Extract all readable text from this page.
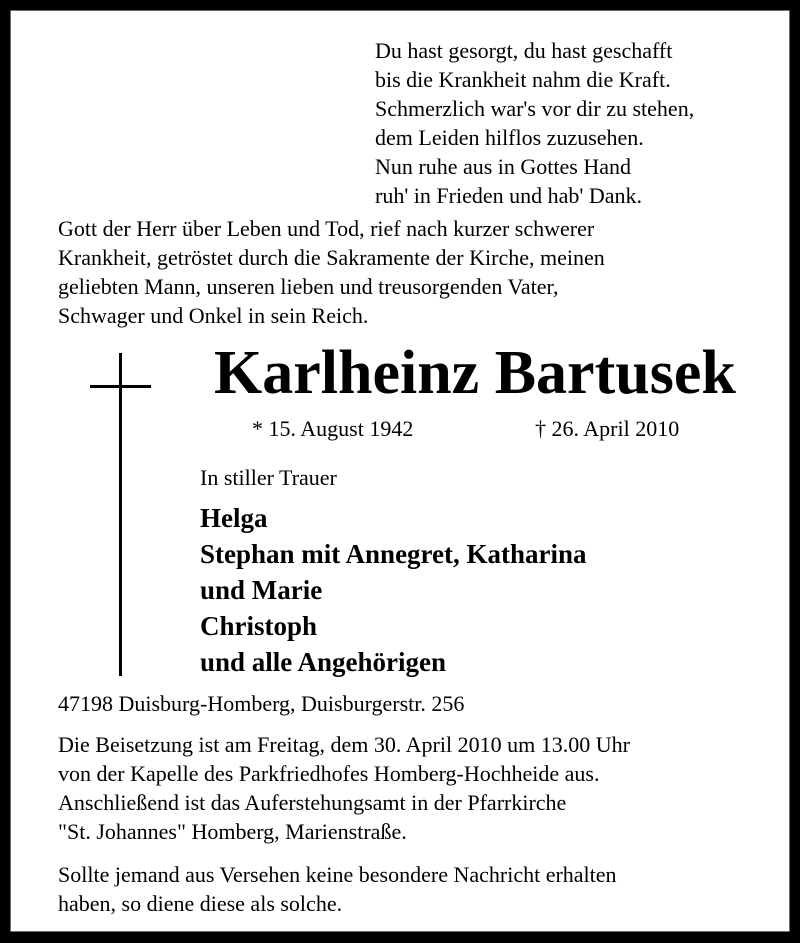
Du hast gesorgt, du hast geschafft
bis die Krankheit nahm die Kraft.
Schmerzlich war's vor dir zu stehen,
dem Leiden hilflos zuzusehen.
Nun ruhe aus in Gottes Hand
ruh' in Frieden und hab' Dank.
Gott der Herr über Leben und Tod, rief nach kurzer schwerer
Krankheit, getröstet durch die Sakramente der Kirche, meinen
geliebten Mann, unseren lieben und treusorgenden Vater,
Schwager und Onkel in sein Reich.
Karlheinz Bartusek
* 15. August 1942	† 26. April 2010
In stiller Trauer
Helga
Stephan mit Annegret, Katharina
und Marie
Christoph
und alle Angehörigen
47198 Duisburg-Homberg, Duisburgerstr. 256
Die Beisetzung ist am Freitag, dem 30. April 2010 um 13.00 Uhr
von der Kapelle des Parkfriedhofes Homberg-Hochheide aus.
Anschließend ist das Auferstehungsamt in der Pfarrkirche
"St. Johannes" Homberg, Marienstraße.
Sollte jemand aus Versehen keine besondere Nachricht erhalten
haben, so diene diese als solche.
